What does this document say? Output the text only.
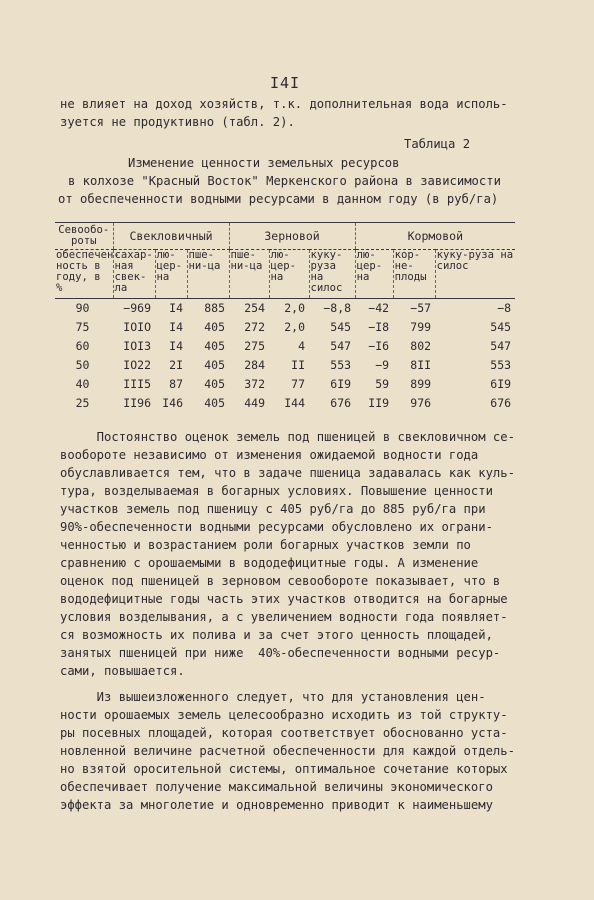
I4I
не влияет на доход хозяйств, т.к. дополнительная вода исполь-
зуется не продуктивно (табл. 2).
Таблица 2
Изменение ценности земельных ресурсов
в колхозе "Красный Восток" Меркенского района в зависимости
от обеспеченности водными ресурсами в данном году (в руб/га)
Севообо-роты	Свекловичный			Зерновой			Кормовой		
обеспечен-ность в году, в %	сахар-ная свек-ла	лю-цер-на	пше-ни-ца	пше-ни-ца	лю-цер-на	куку-руза на силос	лю-цер-на	кор-не-плоды	куку-руза на силос
90	−969	I4	885	254	2,0	−8,8	−42	−57	−8
75	IOIO	I4	405	272	2,0	545	−I8	799	545
60	IOI3	I4	405	275	4	547	−I6	802	547
50	IO22	2I	405	284	II	553	−9	8II	553
40	III5	87	405	372	77	6I9	59	899	6I9
25	II96	I46	405	449	I44	676	II9	976	676
Постоянство оценок земель под пшеницей в свекловичном се-
вообороте независимо от изменения ожидаемой водности года
обуславливается тем, что в задаче пшеница задавалась как куль-
тура, возделываемая в богарных условиях. Повышение ценности
участков земель под пшеницу с 405 руб/га до 885 руб/га при
90%-обеспеченности водными ресурсами обусловлено их ограни-
ченностью и возрастанием роли богарных участков земли по
сравнению с орошаемыми в вододефицитные годы. А изменение
оценок под пшеницей в зерновом севообороте показывает, что в
вододефицитные годы часть этих участков отводится на богарные
условия возделывания, а с увеличением водности года появляет-
ся возможность их полива и за счет этого ценность площадей,
занятых пшеницей при ниже  40%-обеспеченности водными ресур-
сами, повышается.
Из вышеизложенного следует, что для установления цен-
ности орошаемых земель целесообразно исходить из той структу-
ры посевных площадей, которая соответствует обоснованно уста-
новленной величине расчетной обеспеченности для каждой отдель-
но взятой оросительной системы, оптимальное сочетание которых
обеспечивает получение максимальной величины экономического
эффекта за многолетие и одновременно приводит к наименьшему
